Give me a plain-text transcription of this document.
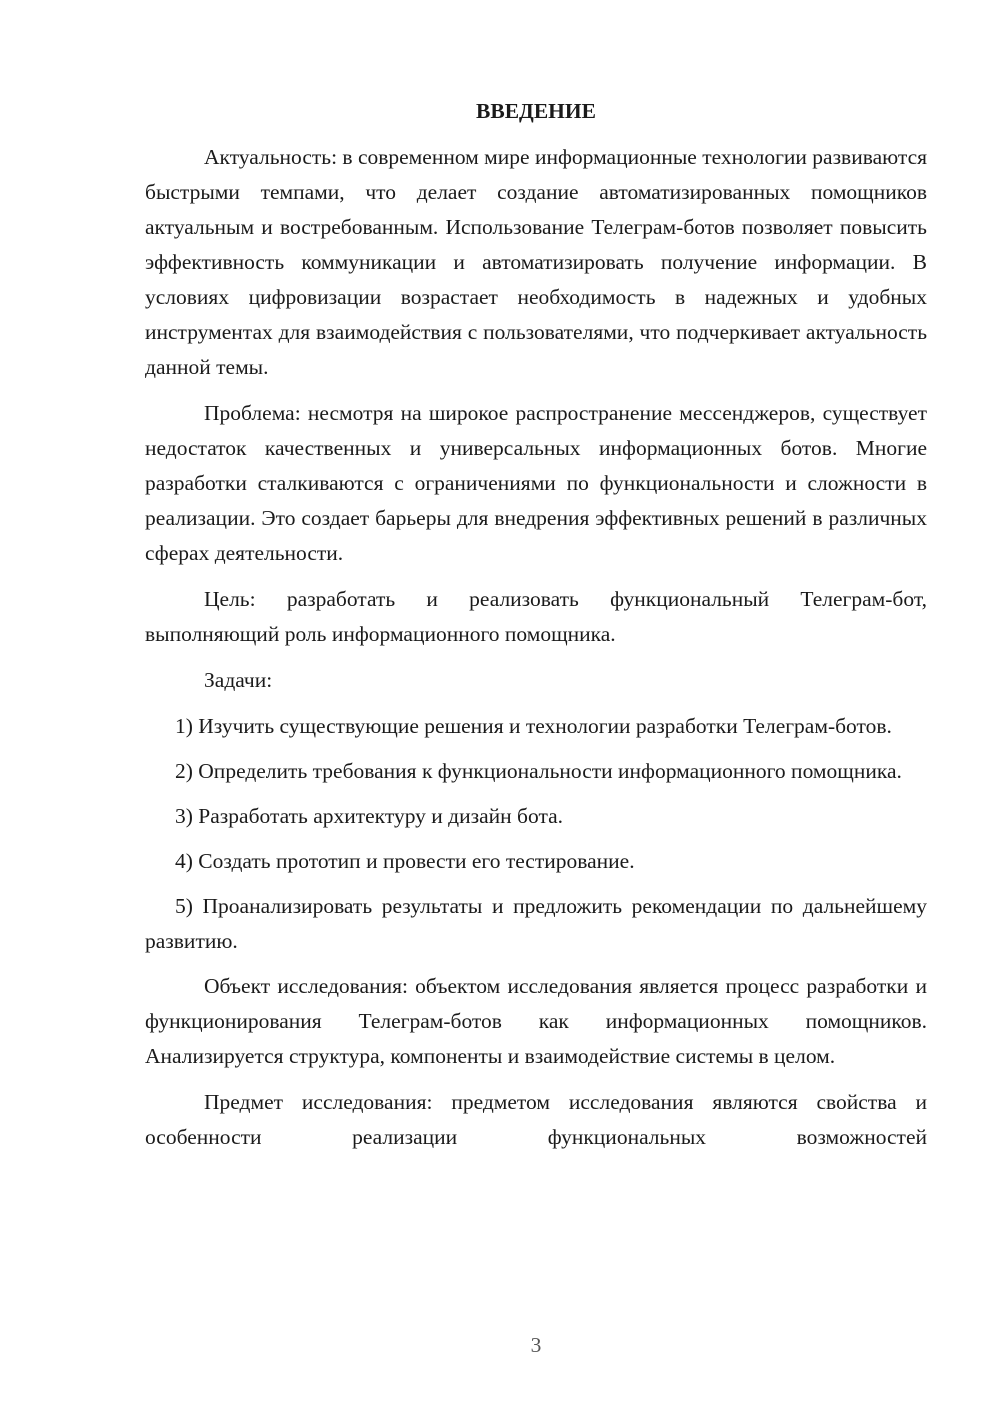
ВВЕДЕНИЕ

Актуальность: в современном мире информационные технологии развиваются быстрыми темпами, что делает создание автоматизированных помощников актуальным и востребованным. Использование Телеграм-ботов позволяет повысить эффективность коммуникации и автоматизировать получение информации. В условиях цифровизации возрастает необходимость в надежных и удобных инструментах для взаимодействия с пользователями, что подчеркивает актуальность данной темы.

Проблема: несмотря на широкое распространение мессенджеров, существует недостаток качественных и универсальных информационных ботов. Многие разработки сталкиваются с ограничениями по функциональности и сложности в реализации. Это создает барьеры для внедрения эффективных решений в различных сферах деятельности.

Цель: разработать и реализовать функциональный Телеграм-бот, выполняющий роль информационного помощника.

Задачи:

1) Изучить существующие решения и технологии разработки Телеграм-ботов.

2) Определить требования к функциональности информационного помощника.

3) Разработать архитектуру и дизайн бота.

4) Создать прототип и провести его тестирование.

5) Проанализировать результаты и предложить рекомендации по дальнейшему развитию.

Объект исследования: объектом исследования является процесс разработки и функционирования Телеграм-ботов как информационных помощников. Анализируется структура, компоненты и взаимодействие системы в целом.

Предмет исследования: предметом исследования являются свойства и особенности реализации функциональных возможностей

3
